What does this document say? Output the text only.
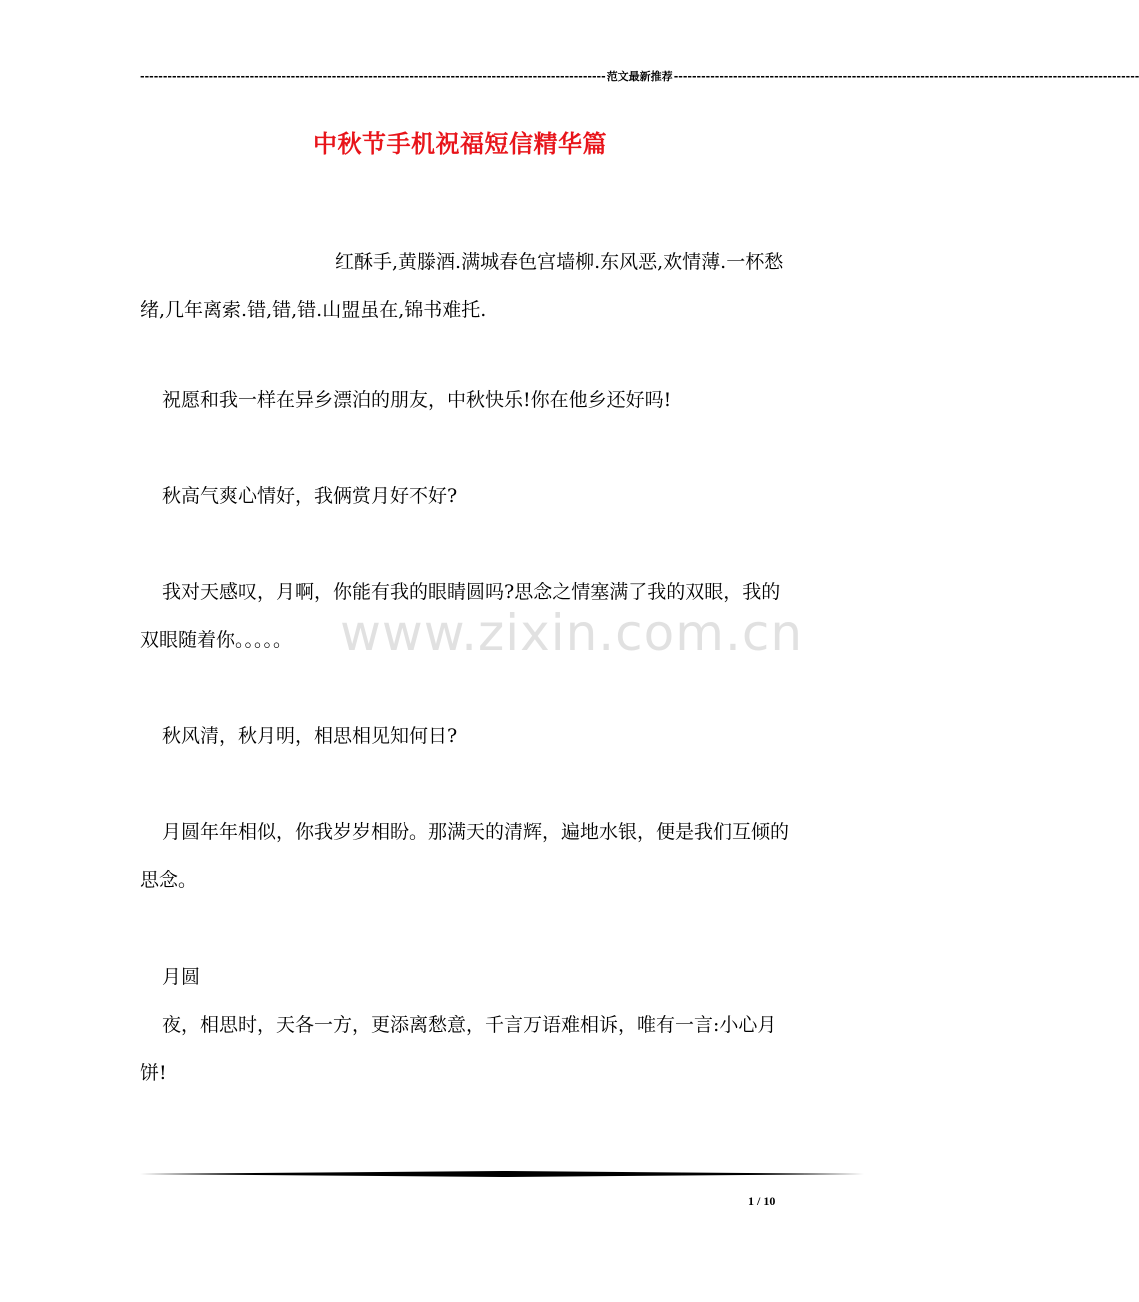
------------------------------------------------------------------------------------------------------ 范文最新推荐 ------------------------------------------------------------------------------------------------------
中秋节手机祝福短信精华篇

红酥手,黄滕酒.满城春色宫墙柳.东风恶,欢情薄.一杯愁绪,几年离索.错,错,错.山盟虽在,锦书难托.

祝愿和我一样在异乡漂泊的朋友，中秋快乐!你在他乡还好吗!

秋高气爽心情好，我俩赏月好不好?

我对天感叹，月啊，你能有我的眼睛圆吗?思念之情塞满了我的双眼，我的双眼随着你。。。。。

秋风清，秋月明，相思相见知何日?

月圆年年相似，你我岁岁相盼。那满天的清辉，遍地水银，便是我们互倾的思念。

月圆

夜，相思时，天各一方，更添离愁意，千言万语难相诉，唯有一言:小心月饼!

www.zixin.com.cn
1 / 10
